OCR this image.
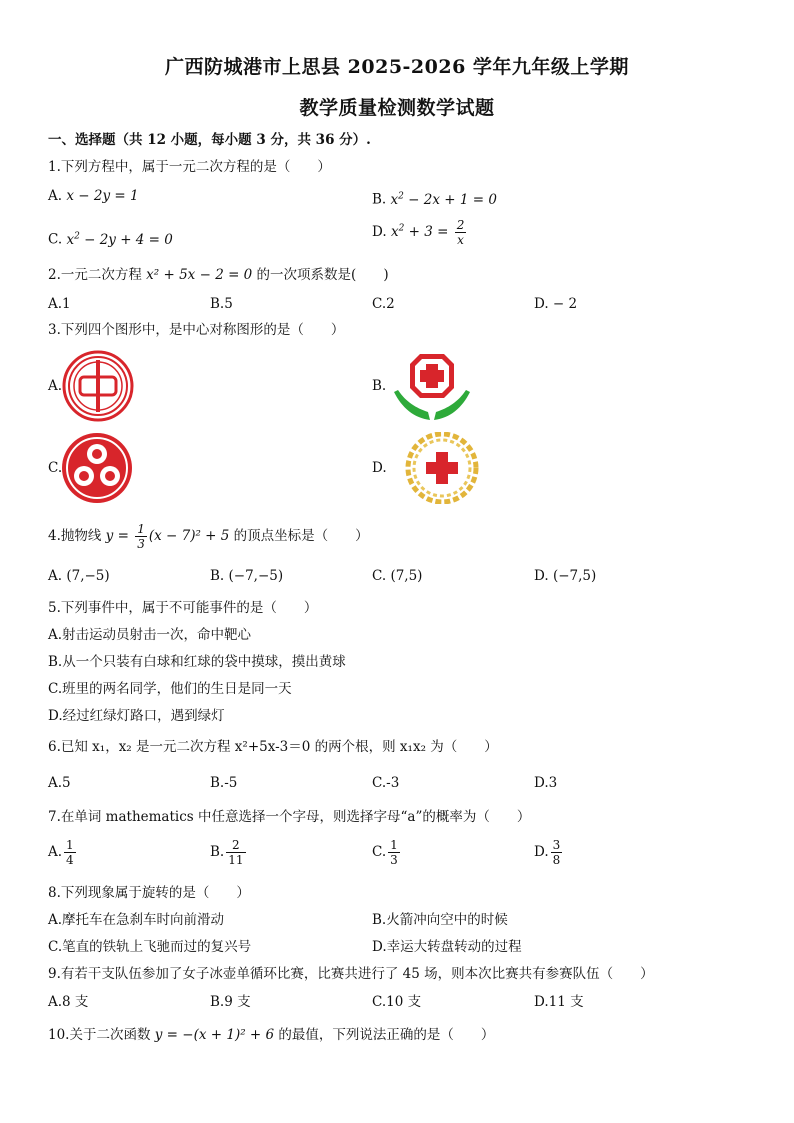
广西防城港市上思县 2025-2026 学年九年级上学期
教学质量检测数学试题
一、选择题（共 12 小题，每小题 3 分，共 36 分）.
1.下列方程中，属于一元二次方程的是（　　）
A. x − 2y = 1	B. $x^2 - 2x + 1 = 0$
C. $x^2 - 2y + 4 = 0$	D. $x^2 + 3 = \frac{2}{x}$
2.一元二次方程 x² + 5x − 2 = 0 的一次项系数是(　　)
A.1	B.5	C.2	D. − 2
3.下列四个图形中，是中心对称图形的是（　　）
A.	B.
C.	D.
4.抛物线 $y = \frac{1}{3} (x - 7)^2 + 5$ 的顶点坐标是（　　）
A. (7,−5)	B. (−7,−5)	C. (7,5)	D. (−7,5)
5.下列事件中，属于不可能事件的是（　　）
A.射击运动员射击一次，命中靶心
B.从一个只装有白球和红球的袋中摸球，摸出黄球
C.班里的两名同学，他们的生日是同一天
D.经过红绿灯路口，遇到绿灯
6.已知 x₁，x₂ 是一元二次方程 x²+5x-3＝0 的两个根，则 x₁x₂ 为（　　）
A.5	B.-5	C.-3	D.3
7.在单词 mathematics 中任意选择一个字母，则选择字母“a”的概率为（　　）
A. $\frac{1}{4}$	B. $\frac{2}{11}$	C. $\frac{1}{3}$	D. $\frac{3}{8}$
8.下列现象属于旋转的是（　　）
A.摩托车在急刹车时向前滑动	B.火箭冲向空中的时候
C.笔直的铁轨上飞驰而过的复兴号	D.幸运大转盘转动的过程
9.有若干支队伍参加了女子冰壶单循环比赛，比赛共进行了 45 场，则本次比赛共有参赛队伍（　　）
A.8 支	B.9 支	C.10 支	D.11 支
10.关于二次函数 y = −(x + 1)² + 6 的最值，下列说法正确的是（　　）
